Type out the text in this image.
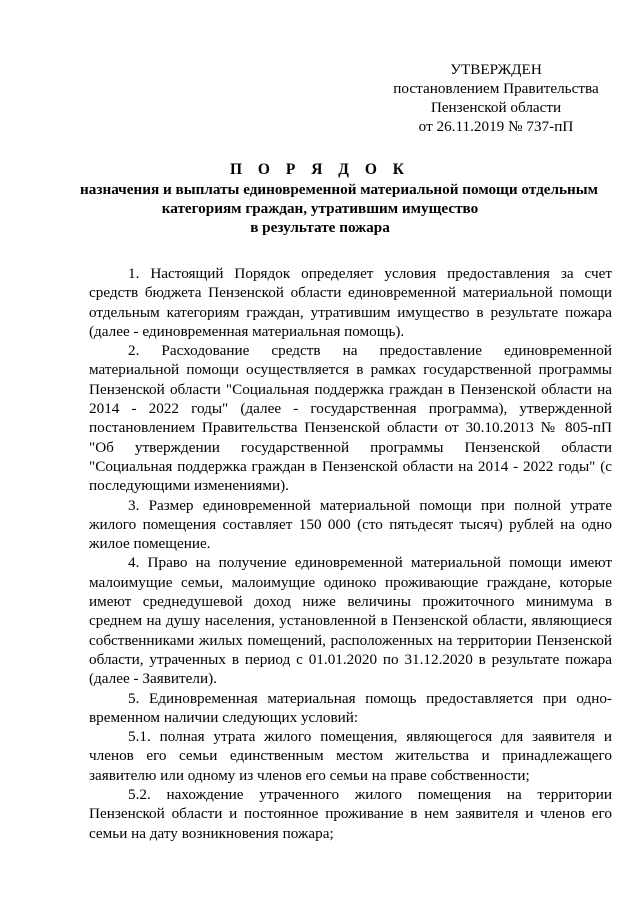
УТВЕРЖДЕН
постановлением Правительства
Пензенской области
от 26.11.2019 № 737-пП
П О Р Я Д О К
назначения и выплаты единовременной материальной помощи отдельным
категориям граждан, утратившим имущество
в результате пожара

1. Настоящий Порядок определяет условия предоставления за счет средств бюджета Пензенской области единовременной материальной помощи отдельным категориям граждан, утратившим имущество в результате пожара (далее - единовременная материальная помощь).

2. Расходование средств на предоставление единовременной материальной помощи осуществляется в рамках государственной программы Пензенской области "Социальная поддержка граждан в Пензенской области на 2014 - 2022 годы" (далее - государственная программа), утвержденной постановлением Правительства Пензенской области от 30.10.2013 № 805-пП "Об утверждении государственной программы Пензенской области "Социальная поддержка граждан в Пензенской области на 2014 - 2022 годы" (с последующими изменениями).

3. Размер единовременной материальной помощи при полной утрате жилого помещения составляет 150 000 (сто пятьдесят тысяч) рублей на одно жилое помещение.

4. Право на получение единовременной материальной помощи имеют малоимущие семьи, малоимущие одиноко проживающие граждане, которые имеют среднедушевой доход ниже величины прожиточного минимума в среднем на душу населения, установленной в Пензенской области, являющиеся собственниками жилых помещений, расположенных на территории Пензенской области, утраченных в период с 01.01.2020 по 31.12.2020 в результате пожара (далее - Заявители).

5. Единовременная материальная помощь предоставляется при одно-временном наличии следующих условий:

5.1. полная утрата жилого помещения, являющегося для заявителя и членов его семьи единственным местом жительства и принадлежащего заявителю или одному из членов его семьи на праве собственности;

5.2. нахождение утраченного жилого помещения на территории Пензенской области и постоянное проживание в нем заявителя и членов его семьи на дату возникновения пожара;
